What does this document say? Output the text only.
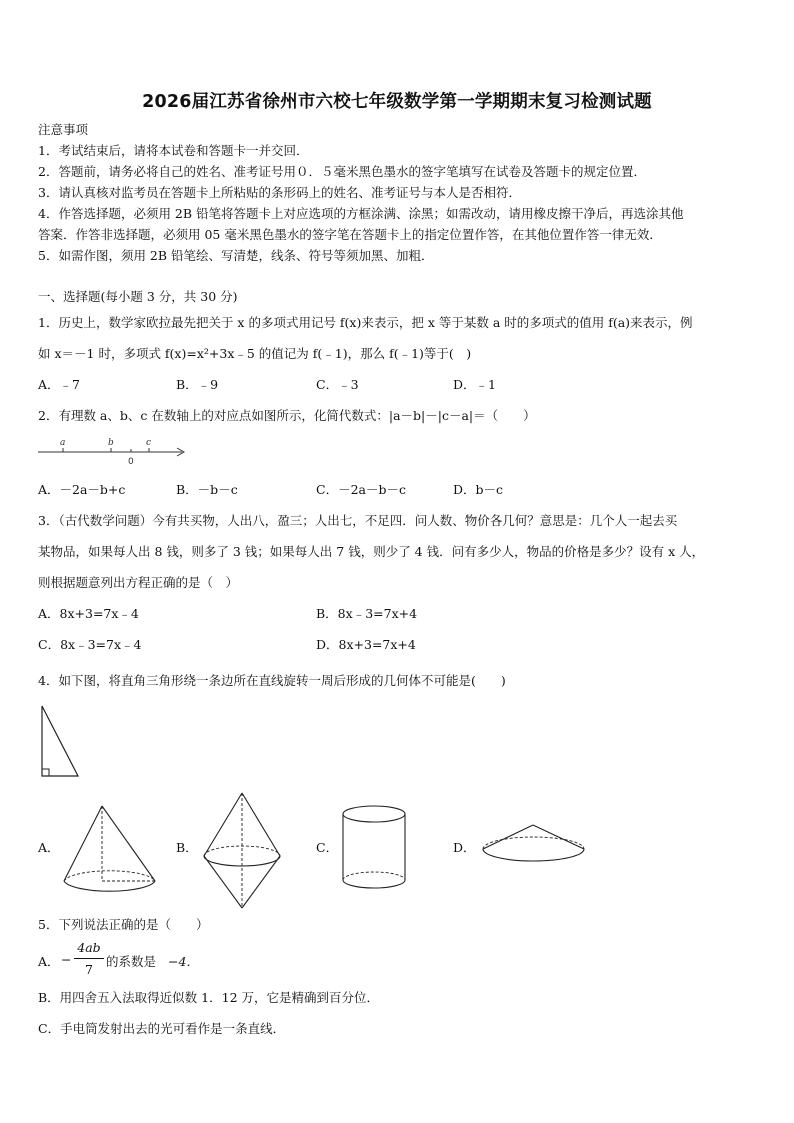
2026届江苏省徐州市六校七年级数学第一学期期末复习检测试题
注意事项
1．考试结束后，请将本试卷和答题卡一并交回．
2．答题前，请务必将自己的姓名、准考证号用０．５毫米黑色墨水的签字笔填写在试卷及答题卡的规定位置．
3．请认真核对监考员在答题卡上所粘贴的条形码上的姓名、准考证号与本人是否相符．
4．作答选择题，必须用 2B 铅笔将答题卡上对应选项的方框涂满、涂黑；如需改动，请用橡皮擦干净后，再选涂其他
答案．作答非选择题，必须用 05 毫米黑色墨水的签字笔在答题卡上的指定位置作答，在其他位置作答一律无效．
5．如需作图，须用 2B 铅笔绘、写清楚，线条、符号等须加黑、加粗．
一、选择题(每小题 3 分，共 30 分)
1．历史上，数学家欧拉最先把关于 x 的多项式用记号 f(x)来表示，把 x 等于某数 a 时的多项式的值用 f(a)来表示，例
如 x＝－1 时，多项式 f(x)=x²+3x﹣5 的值记为 f(﹣1)，那么 f(﹣1)等于(　)
A．﹣7	B．﹣9	C．﹣3	D．﹣1
2．有理数 a、b、c 在数轴上的对应点如图所示，化简代数式：|a－b|－|c－a|＝（　　）
a	b	c
0
A．－2a－b+c	B．－b－c	C．－2a－b－c	D．b－c
3．（古代数学问题）今有共买物，人出八，盈三；人出七，不足四．问人数、物价各几何？意思是：几个人一起去买
某物品，如果每人出 8 钱，则多了 3 钱；如果每人出 7 钱，则少了 4 钱．问有多少人，物品的价格是多少？设有 x 人，
则根据题意列出方程正确的是（　）
A．8x+3=7x﹣4	B．8x﹣3=7x+4
C．8x﹣3=7x﹣4	D．8x+3=7x+4
4．如下图，将直角三角形绕一条边所在直线旋转一周后形成的几何体不可能是(　　)
A．	B．	C．	D．
5．下列说法正确的是（　　）
A． −
4ab
7
的系数是 −4．
B．用四舍五入法取得近似数 1．12 万，它是精确到百分位．
C．手电筒发射出去的光可看作是一条直线．
